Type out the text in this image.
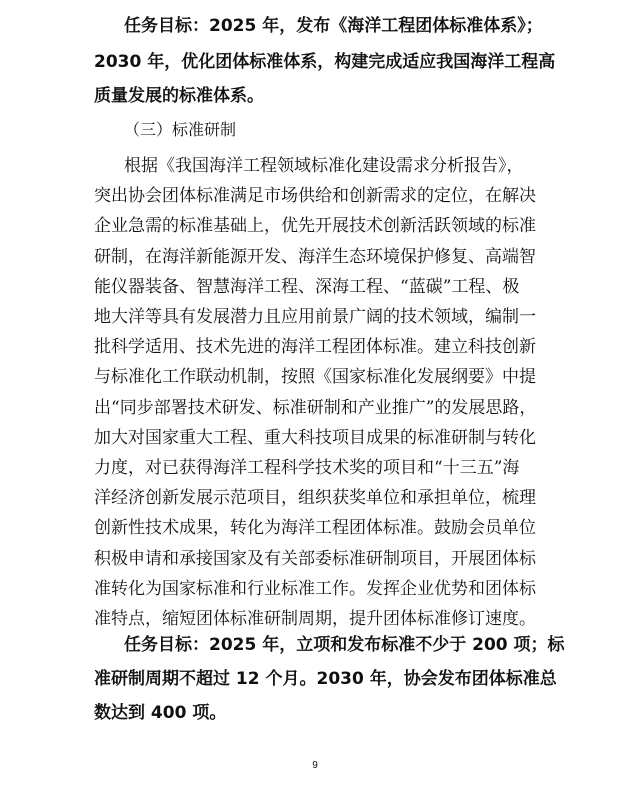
任务目标：2025 年，发布《海洋工程团体标准体系》；
2030 年，优化团体标准体系，构建完成适应我国海洋工程高
质量发展的标准体系。
（三）标准研制
根据《我国海洋工程领域标准化建设需求分析报告》，
突出协会团体标准满足市场供给和创新需求的定位，在解决
企业急需的标准基础上，优先开展技术创新活跃领域的标准
研制，在海洋新能源开发、海洋生态环境保护修复、高端智
能仪器装备、智慧海洋工程、深海工程、“蓝碳”工程、极
地大洋等具有发展潜力且应用前景广阔的技术领域，编制一
批科学适用、技术先进的海洋工程团体标准。建立科技创新
与标准化工作联动机制，按照《国家标准化发展纲要》中提
出“同步部署技术研发、标准研制和产业推广”的发展思路，
加大对国家重大工程、重大科技项目成果的标准研制与转化
力度，对已获得海洋工程科学技术奖的项目和“十三五”海
洋经济创新发展示范项目，组织获奖单位和承担单位，梳理
创新性技术成果，转化为海洋工程团体标准。鼓励会员单位
积极申请和承接国家及有关部委标准研制项目，开展团体标
准转化为国家标准和行业标准工作。发挥企业优势和团体标
准特点，缩短团体标准研制周期，提升团体标准修订速度。
任务目标：2025 年，立项和发布标准不少于 200 项；标
准研制周期不超过 12 个月。2030 年，协会发布团体标准总
数达到 400 项。
9
